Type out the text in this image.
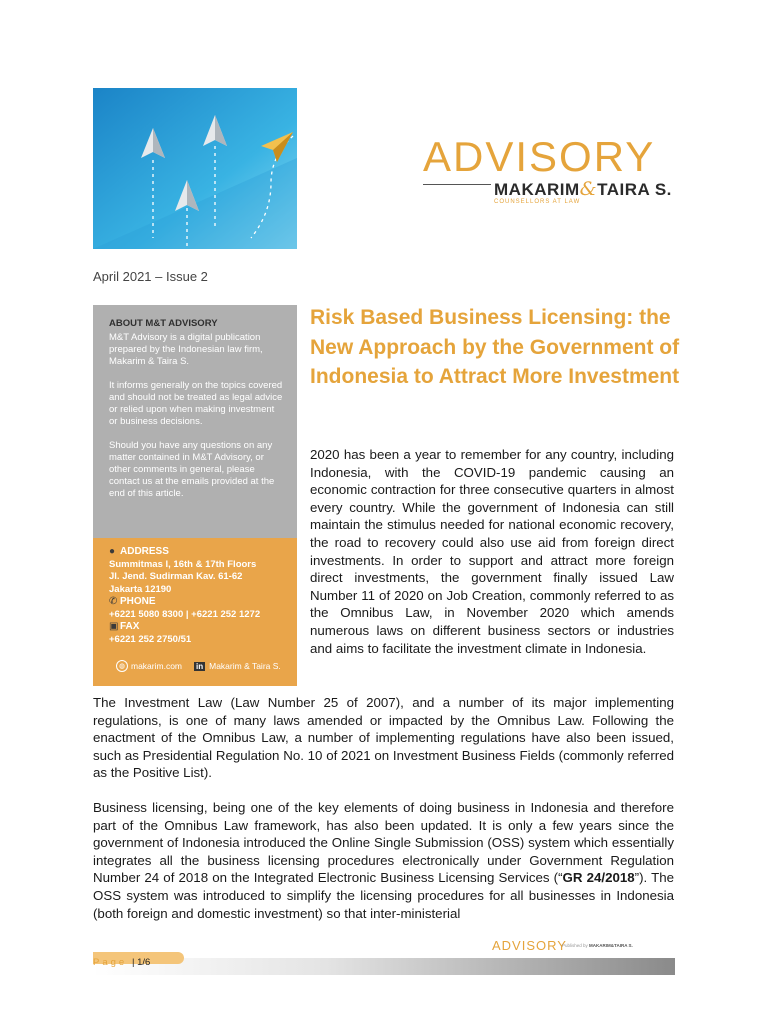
ADVISORY
MAKARIM&TAIRA S.
COUNSELLORS AT LAW
April 2021 – Issue 2
ABOUT M&T ADVISORY

M&T Advisory is a digital publication prepared by the Indonesian law firm, Makarim & Taira S.

It informs generally on the topics covered and should not be treated as legal advice or relied upon when making investment or business decisions.

Should you have any questions on any matter contained in M&T Advisory, or other comments in general, please contact us at the emails provided at the end of this article.

● ADDRESS
Summitmas I, 16th & 17th Floors
Jl. Jend. Sudirman Kav. 61-62
Jakarta 12190
✆ PHONE
+6221 5080 8300 | +6221 252 1272
▣ FAX
+6221 252 2750/51
◍ makarim.com in Makarim & Taira S.
Risk Based Business Licensing: the New Approach by the Government of Indonesia to Attract More Investment

2020 has been a year to remember for any country, including Indonesia, with the COVID-19 pandemic causing an economic contraction for three consecutive quarters in almost every country. While the government of Indonesia can still maintain the stimulus needed for national economic recovery, the road to recovery could also use aid from foreign direct investments. In order to support and attract more foreign direct investments, the government finally issued Law Number 11 of 2020 on Job Creation, commonly referred to as the Omnibus Law, in November 2020 which amends numerous laws on different business sectors or industries and aims to facilitate the investment climate in Indonesia.

The Investment Law (Law Number 25 of 2007), and a number of its major implementing regulations, is one of many laws amended or impacted by the Omnibus Law. Following the enactment of the Omnibus Law, a number of implementing regulations have also been issued, such as Presidential Regulation No. 10 of 2021 on Investment Business Fields (commonly referred as the Positive List).

Business licensing, being one of the key elements of doing business in Indonesia and therefore part of the Omnibus Law framework, has also been updated. It is only a few years since the government of Indonesia introduced the Online Single Submission (OSS) system which essentially integrates all the business licensing procedures electronically under Government Regulation Number 24 of 2018 on the Integrated Electronic Business Licensing Services (“GR 24/2018”). The OSS system was introduced to simplify the licensing procedures for all businesses in Indonesia (both foreign and domestic investment) so that inter-ministerial

ADVISORY
Published by MAKARIM&TAIRA S.
Page | 1/6
